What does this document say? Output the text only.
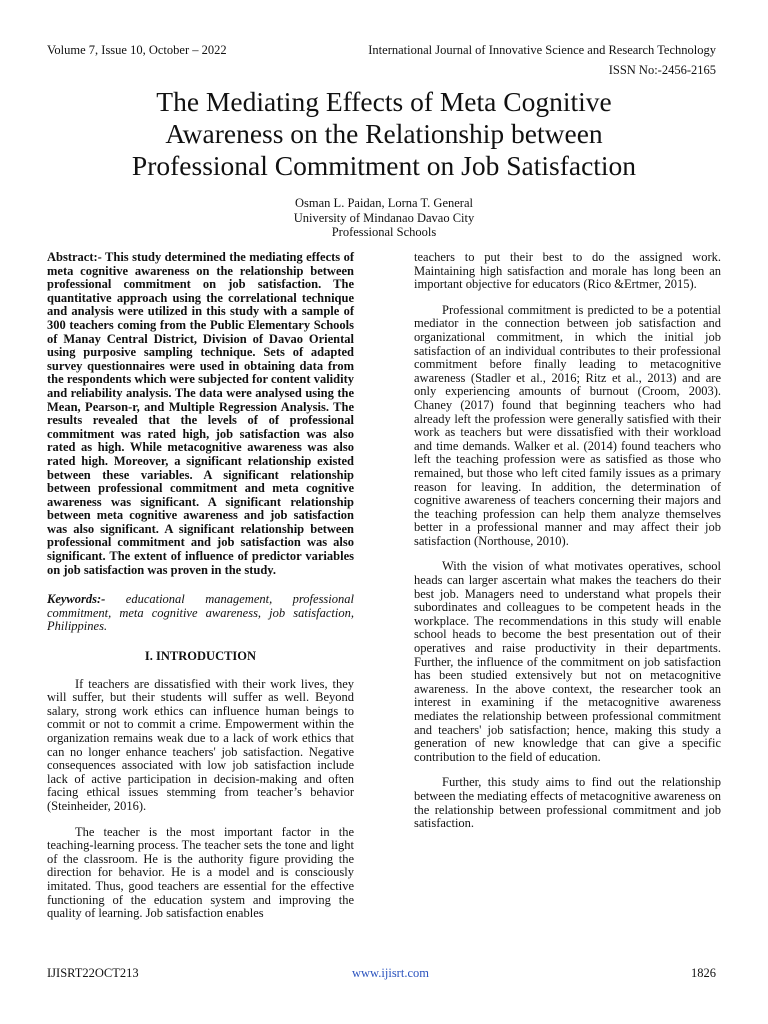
Volume 7, Issue 10, October – 2022	International Journal of Innovative Science and Research Technology
ISSN No:-2456-2165
The Mediating Effects of Meta Cognitive
Awareness on the Relationship between
Professional Commitment on Job Satisfaction
Osman L. Paidan, Lorna T. General
University of Mindanao Davao City
Professional Schools

Abstract:- This study determined the mediating effects of meta cognitive awareness on the relationship between professional commitment on job satisfaction. The quantitative approach using the correlational technique and analysis were utilized in this study with a sample of 300 teachers coming from the Public Elementary Schools of Manay Central District, Division of Davao Oriental using purposive sampling technique. Sets of adapted survey questionnaires were used in obtaining data from the respondents which were subjected for content validity and reliability analysis. The data were analysed using the Mean, Pearson-r, and Multiple Regression Analysis. The results revealed that the levels of of professional commitment was rated high, job satisfaction was also rated as high. While metacognitive awareness was also rated high. Moreover, a significant relationship existed between these variables. A significant relationship between professional commitment and meta cognitive awareness was significant. A significant relationship between meta cognitive awareness and job satisfaction was also significant. A significant relationship between professional commitment and job satisfaction was also significant. The extent of influence of predictor variables on job satisfaction was proven in the study.

Keywords:- educational management, professional commitment, meta cognitive awareness, job satisfaction, Philippines.

I. INTRODUCTION

If teachers are dissatisfied with their work lives, they will suffer, but their students will suffer as well. Beyond salary, strong work ethics can influence human beings to commit or not to commit a crime. Empowerment within the organization remains weak due to a lack of work ethics that can no longer enhance teachers' job satisfaction. Negative consequences associated with low job satisfaction include lack of active participation in decision-making and often facing ethical issues stemming from teacher’s behavior (Steinheider, 2016).

The teacher is the most important factor in the teaching-learning process. The teacher sets the tone and light of the classroom. He is the authority figure providing the direction for behavior. He is a model and is consciously imitated. Thus, good teachers are essential for the effective functioning of the education system and improving the quality of learning. Job satisfaction enables

teachers to put their best to do the assigned work. Maintaining high satisfaction and morale has long been an important objective for educators (Rico &Ertmer, 2015).

Professional commitment is predicted to be a potential mediator in the connection between job satisfaction and organizational commitment, in which the initial job satisfaction of an individual contributes to their professional commitment before finally leading to metacognitive awareness (Stadler et al., 2016; Ritz et al., 2013) and are only experiencing amounts of burnout (Croom, 2003). Chaney (2017) found that beginning teachers who had already left the profession were generally satisfied with their work as teachers but were dissatisfied with their workload and time demands. Walker et al. (2014) found teachers who left the teaching profession were as satisfied as those who remained, but those who left cited family issues as a primary reason for leaving. In addition, the determination of cognitive awareness of teachers concerning their majors and the teaching profession can help them analyze themselves better in a professional manner and may affect their job satisfaction (Northouse, 2010).

With the vision of what motivates operatives, school heads can larger ascertain what makes the teachers do their best job. Managers need to understand what propels their subordinates and colleagues to be competent heads in the workplace. The recommendations in this study will enable school heads to become the best presentation out of their operatives and raise productivity in their departments. Further, the influence of the commitment on job satisfaction has been studied extensively but not on metacognitive awareness. In the above context, the researcher took an interest in examining if the metacognitive awareness mediates the relationship between professional commitment and teachers' job satisfaction; hence, making this study a generation of new knowledge that can give a specific contribution to the field of education.

Further, this study aims to find out the relationship between the mediating effects of metacognitive awareness on the relationship between professional commitment and job satisfaction.

IJISRT22OCT213	www.ijisrt.com	1826
